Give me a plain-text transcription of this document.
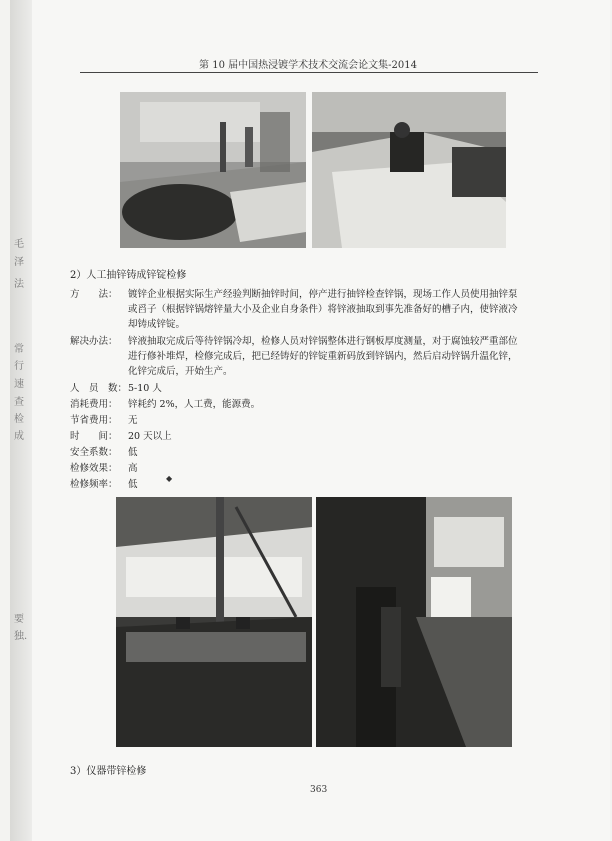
毛
泽
法
常
行
速
查
检
成
要
独.
第 10 届中国热浸镀学术技术交流会论文集-2014
2）人工抽锌铸成锌锭检修
方　　法： 镀锌企业根据实际生产经验判断抽锌时间，停产进行抽锌检查锌锅，现场工作人员使用抽锌泵
或舀子（根据锌锅熔锌量大小及企业自身条件）将锌液抽取到事先准备好的槽子内，使锌液冷
却铸成锌锭。
解决办法： 锌液抽取完成后等待锌锅冷却，检修人员对锌锅整体进行钢板厚度测量，对于腐蚀较严重部位
进行修补堆焊，检修完成后，把已经铸好的锌锭重新码放到锌锅内，然后启动锌锅升温化锌，
化锌完成后，开始生产。
人　员　数：5-10 人
消耗费用： 锌耗约 2%，人工费，能源费。
节省费用： 无
时　　间： 20 天以上
安全系数： 低
检修效果： 高
检修频率： 低
◆
3）仪器带锌检修
363
